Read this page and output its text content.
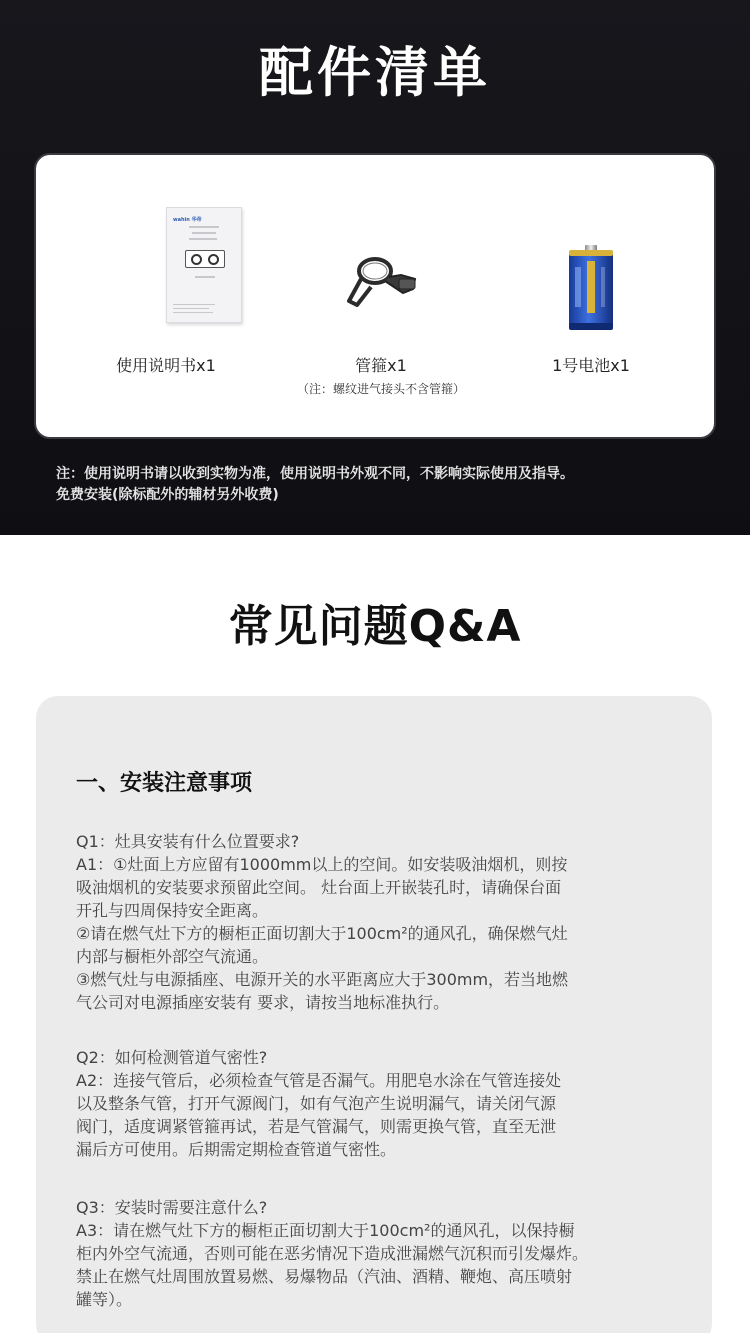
配件清单
wahin 华帝
使用说明书x1	管箍x1
（注：螺纹进气接头不含管箍）
1号电池x1
注：使用说明书请以收到实物为准，使用说明书外观不同，不影响实际使用及指导。
免费安装(除标配外的辅材另外收费)
常见问题Q&A
一、安装注意事项
Q1：灶具安装有什么位置要求?
A1：①灶面上方应留有1000mm以上的空间。如安装吸油烟机，则按
吸油烟机的安装要求预留此空间。 灶台面上开嵌装孔时，请确保台面
开孔与四周保持安全距离。
②请在燃气灶下方的橱柜正面切割大于100cm²的通风孔，确保燃气灶
内部与橱柜外部空气流通。
③燃气灶与电源插座、电源开关的水平距离应大于300mm，若当地燃
气公司对电源插座安装有 要求，请按当地标准执行。
Q2：如何检测管道气密性?
A2：连接气管后，必须检查气管是否漏气。用肥皂水涂在气管连接处
以及整条气管，打开气源阀门，如有气泡产生说明漏气，请关闭气源
阀门，适度调紧管箍再试，若是气管漏气，则需更换气管，直至无泄
漏后方可使用。后期需定期检查管道气密性。
Q3：安装时需要注意什么?
A3：请在燃气灶下方的橱柜正面切割大于100cm²的通风孔，以保持橱
柜内外空气流通，否则可能在恶劣情况下造成泄漏燃气沉积而引发爆炸。
禁止在燃气灶周围放置易燃、易爆物品（汽油、酒精、鞭炮、高压喷射
罐等）。
